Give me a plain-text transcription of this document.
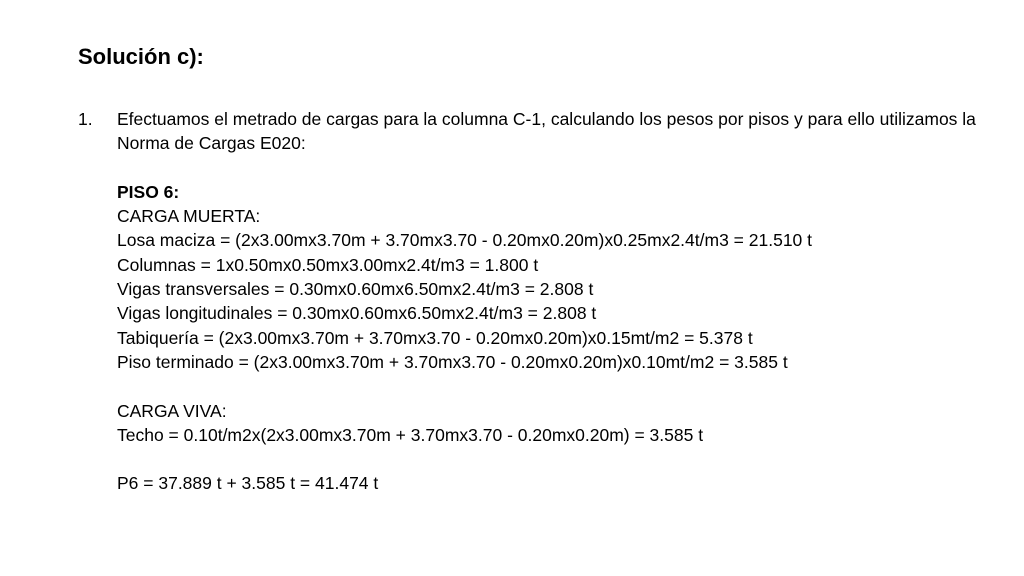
Solución c):
1. Efectuamos el metrado de cargas para la columna C-1, calculando los pesos por pisos y para ello utilizamos la Norma de Cargas E020:
PISO 6:
CARGA MUERTA:
Losa maciza = (2x3.00mx3.70m + 3.70mx3.70 - 0.20mx0.20m)x0.25mx2.4t/m3 = 21.510 t
Columnas = 1x0.50mx0.50mx3.00mx2.4t/m3 = 1.800 t
Vigas transversales = 0.30mx0.60mx6.50mx2.4t/m3 = 2.808 t
Vigas longitudinales = 0.30mx0.60mx6.50mx2.4t/m3 = 2.808 t
Tabiquería = (2x3.00mx3.70m + 3.70mx3.70 - 0.20mx0.20m)x0.15mt/m2 = 5.378 t
Piso terminado = (2x3.00mx3.70m + 3.70mx3.70 - 0.20mx0.20m)x0.10mt/m2 = 3.585 t
CARGA VIVA:
Techo = 0.10t/m2x(2x3.00mx3.70m + 3.70mx3.70 - 0.20mx0.20m) = 3.585 t
P6 = 37.889 t + 3.585 t = 41.474 t
